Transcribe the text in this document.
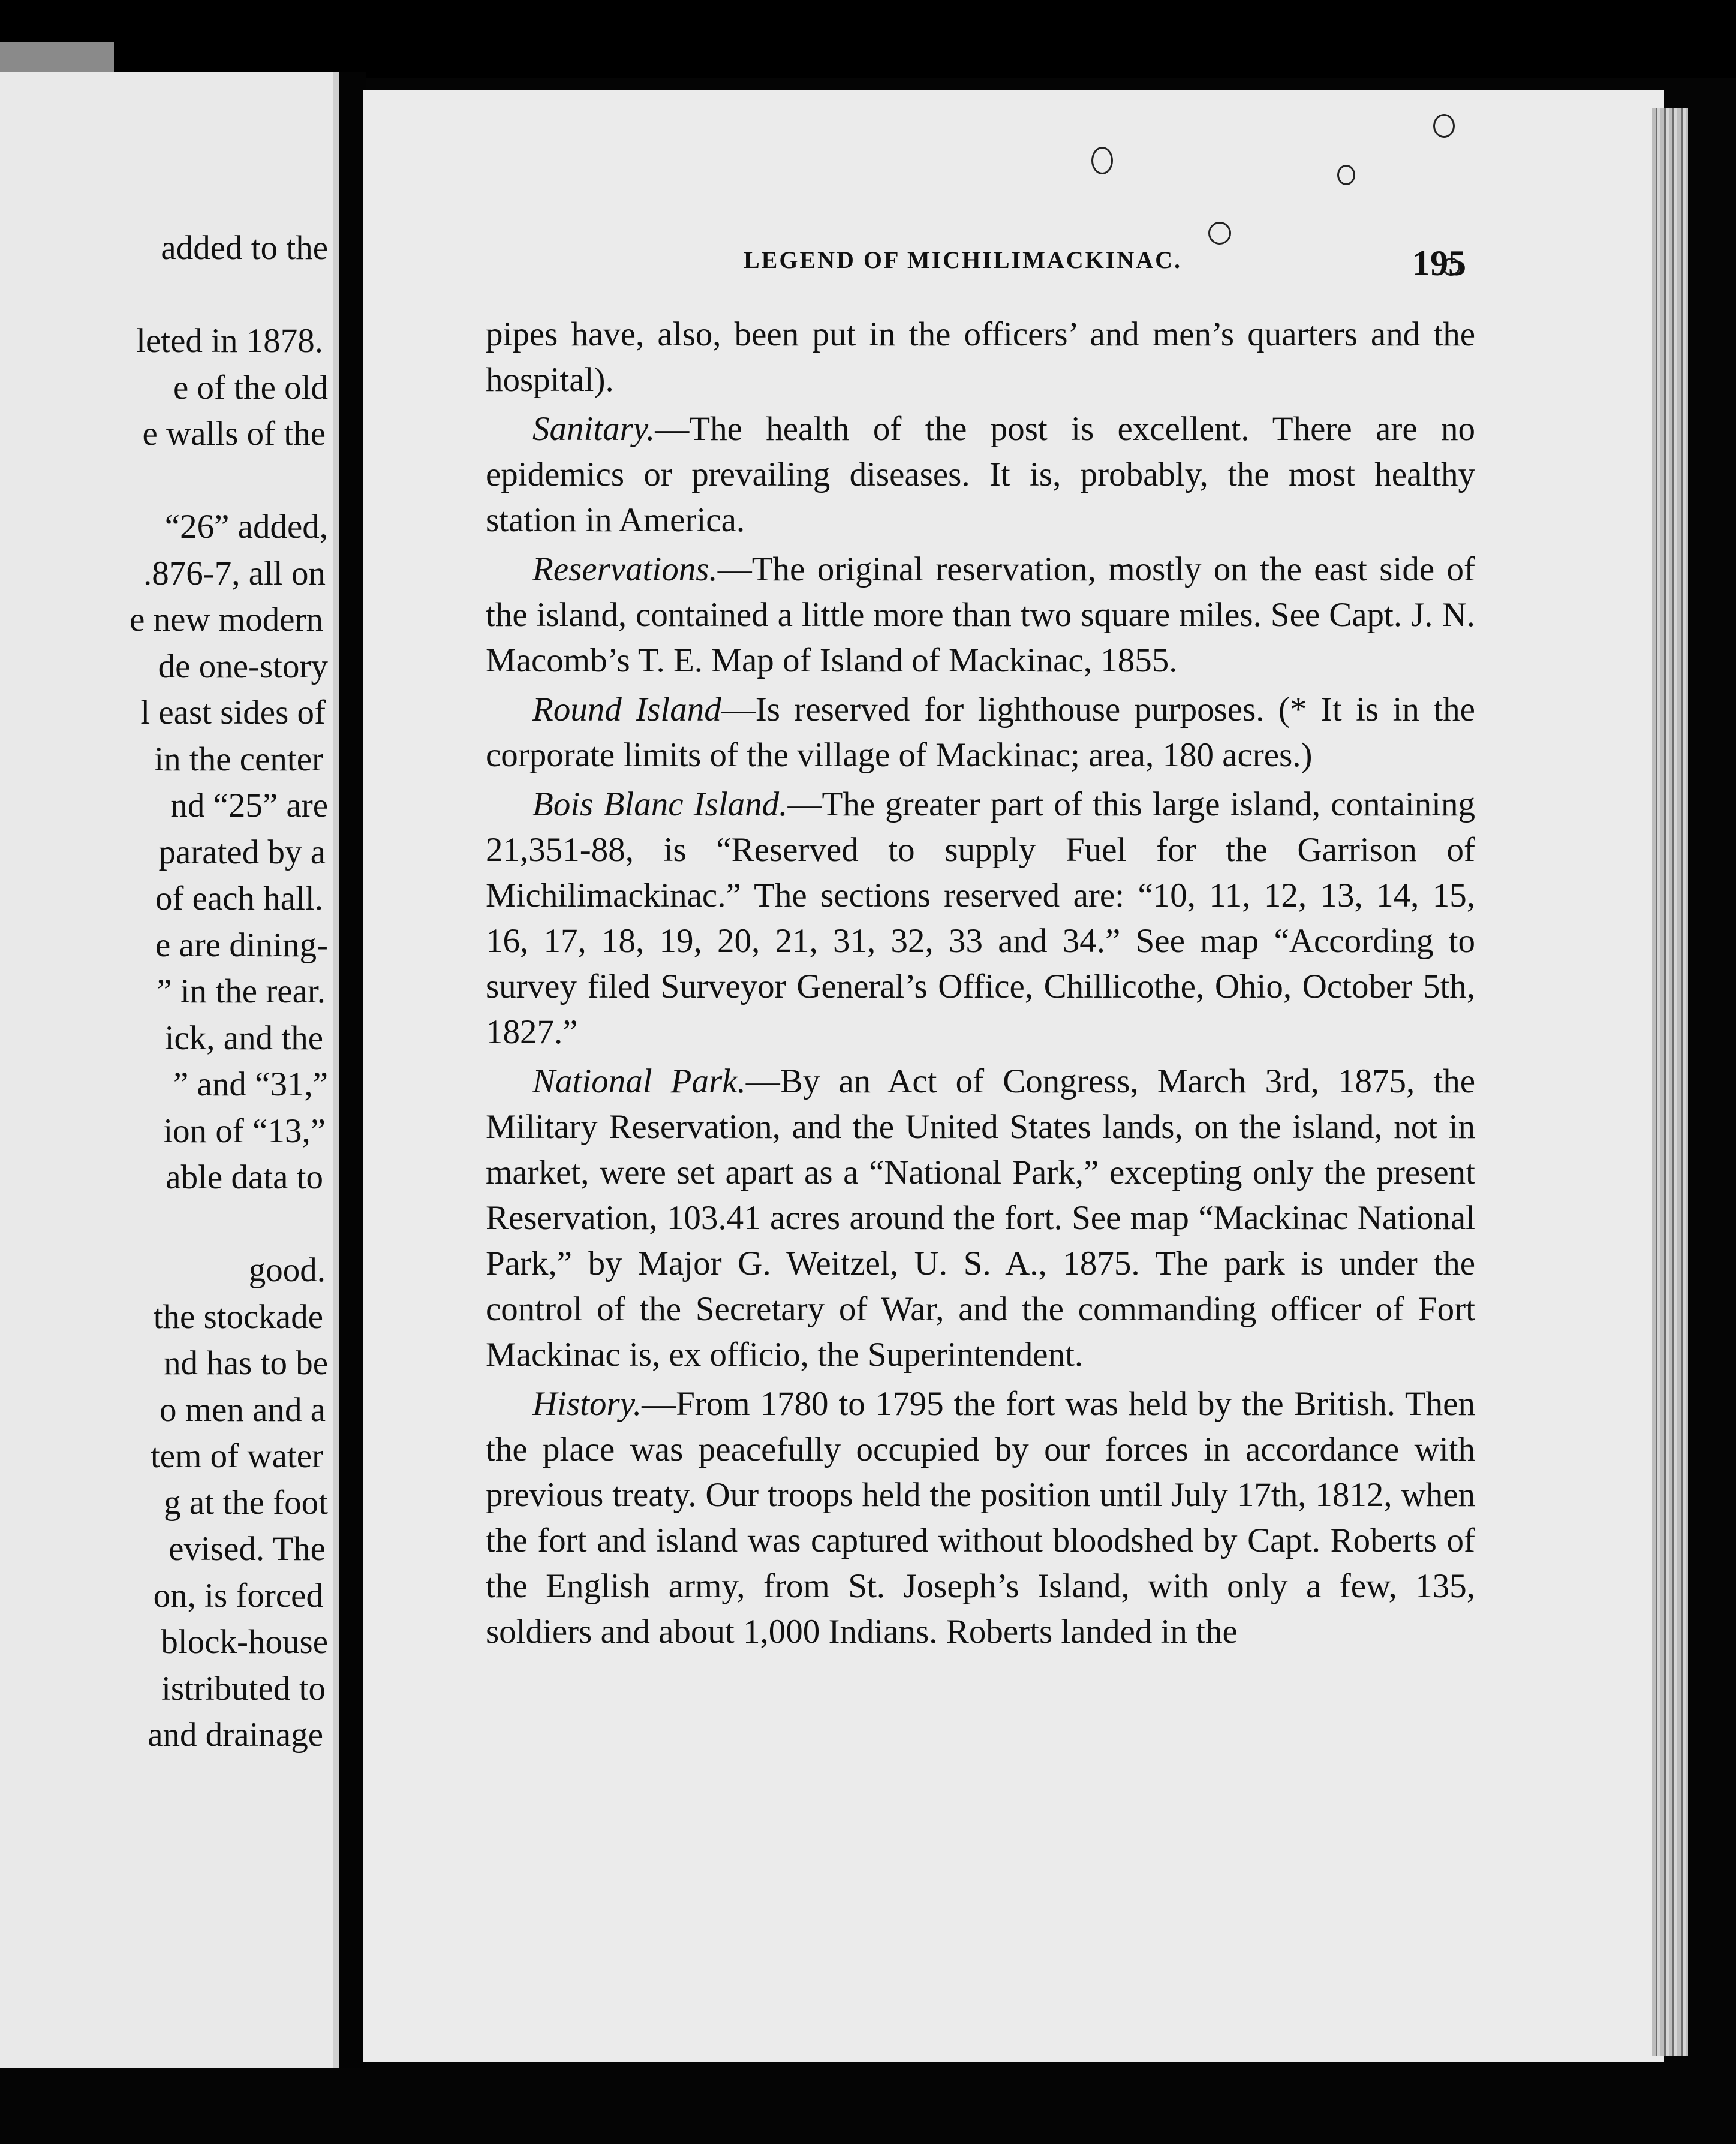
added to the
leted in 1878.
e of the old
e walls of the
“26” added,
.876-7, all on
e new modern
de one-story
l east sides of
in the center
nd “25” are
parated by a
of each hall.
e are dining-
” in the rear.
ick, and the
” and “31,”
ion of “13,”
able data to
good.
the stockade
nd has to be
o men and a
tem of water
g at the foot
evised. The
on, is forced
block-house
istributed to
and drainage
LEGEND OF MICHILIMACKINAC.	195

pipes have, also, been put in the officers’ and men’s quarters and the hospital).

Sanitary.—The health of the post is excellent. There are no epidemics or prevailing diseases. It is, probably, the most healthy station in America.

Reservations.—The original reservation, mostly on the east side of the island, contained a little more than two square miles. See Capt. J. N. Macomb’s T. E. Map of Island of Mackinac, 1855.

Round Island—Is reserved for lighthouse purposes. (* It is in the corporate limits of the village of Mackinac; area, 180 acres.)

Bois Blanc Island.—The greater part of this large island, containing 21,351-88, is “Reserved to supply Fuel for the Garrison of Michilimackinac.” The sections reserved are: “10, 11, 12, 13, 14, 15, 16, 17, 18, 19, 20, 21, 31, 32, 33 and 34.” See map “According to survey filed Surveyor General’s Office, Chillicothe, Ohio, October 5th, 1827.”

National Park.—By an Act of Congress, March 3rd, 1875, the Military Reservation, and the United States lands, on the island, not in market, were set apart as a “National Park,” excepting only the present Reservation, 103.41 acres around the fort. See map “Mackinac National Park,” by Major G. Weitzel, U. S. A., 1875. The park is under the control of the Secretary of War, and the commanding officer of Fort Mackinac is, ex officio, the Superintendent.

History.—From 1780 to 1795 the fort was held by the British. Then the place was peacefully occupied by our forces in accordance with previous treaty. Our troops held the position until July 17th, 1812, when the fort and island was captured without bloodshed by Capt. Roberts of the English army, from St. Joseph’s Island, with only a few, 135, soldiers and about 1,000 Indians. Roberts landed in the
